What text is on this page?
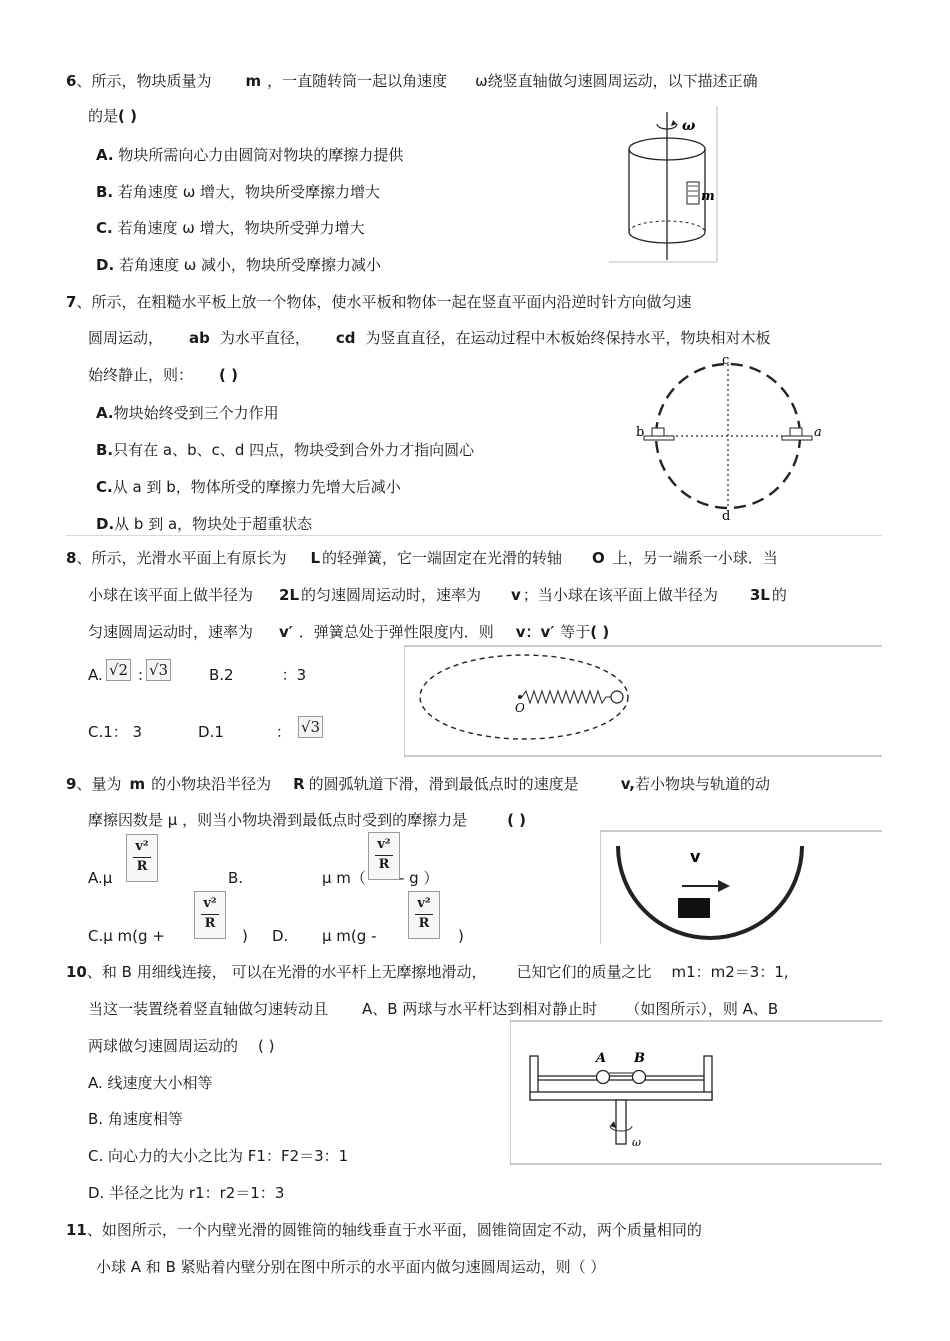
6、所示，物块质量为 m ，一直随转筒一起以角速度 ω绕竖直轴做匀速圆周运动，以下描述正确
的是( )
A. 物块所需向心力由圆筒对物块的摩擦力提供
B. 若角速度 ω 增大，物块所受摩擦力增大
C. 若角速度 ω 增大，物块所受弹力增大
D. 若角速度 ω 减小，物块所受摩擦力减小
ω
m
7、所示，在粗糙水平板上放一个物体，使水平板和物体一起在竖直平面内沿逆时针方向做匀速
圆周运动， ab 为水平直径， cd 为竖直直径，在运动过程中木板始终保持水平，物块相对木板
始终静止，则： ( )
A.物块始终受到三个力作用
B.只有在 a、b、c、d 四点，物块受到合外力才指向圆心
C.从 a 到 b，物体所受的摩擦力先增大后减小
D.从 b 到 a，物块处于超重状态
c
b	a
d
8、所示，光滑水平面上有原长为 L 的轻弹簧，它一端固定在光滑的转轴 O 上，另一端系一小球．当
小球在该平面上做半径为 2L 的匀速圆周运动时，速率为 v ；当小球在该平面上做半径为 3L 的
匀速圆周运动时，速率为 v′ ．弹簧总处于弹性限度内．则 v：v′ 等于( )
A. √2 : √3	B.2	：3
C.1： 3	D.1	： √3
O
9、量为 m 的小物块沿半径为 R 的圆弧轨道下滑，滑到最低点时的速度是	v,若小物块与轨道的动
摩擦因数是 μ ，则当小物块滑到最低点时受到的摩擦力是	( )
A.μ
v²
R
B.	μ m（
v²
R
- g ）
C.μ m(g +
v²
R
) D. μ m(g -
v²
R
)
v
10、和 B 用细线连接， 可以在光滑的水平杆上无摩擦地滑动， 已知它们的质量之比 m1：m2＝3：1,
当这一装置绕着竖直轴做匀速转动且 A、B 两球与水平杆达到相对静止时 （如图所示），则 A、B
两球做匀速圆周运动的 ( )
A. 线速度大小相等
B. 角速度相等
C. 向心力的大小之比为 F1：F2＝3：1
D. 半径之比为 r1：r2＝1：3
A B
ω
11、如图所示，一个内壁光滑的圆锥筒的轴线垂直于水平面，圆锥筒固定不动，两个质量相同的
小球 A 和 B 紧贴着内壁分别在图中所示的水平面内做匀速圆周运动，则（ ）
